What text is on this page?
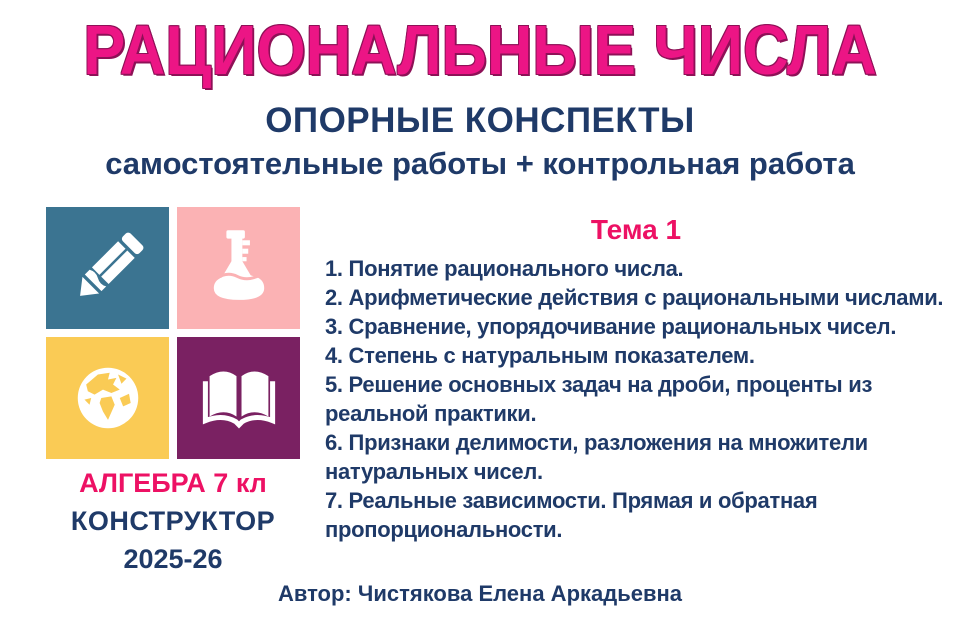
РАЦИОНАЛЬНЫЕ ЧИСЛА
ОПОРНЫЕ КОНСПЕКТЫ
самостоятельные работы + контрольная работа
АЛГЕБРА 7 кл
КОНСТРУКТОР
2025-26
Тема 1
1. Понятие рационального числа.
2. Арифметические действия с рациональными числами.
3. Сравнение, упорядочивание рациональных чисел.
4. Степень с натуральным показателем.
5. Решение основных задач на дроби, проценты из реальной практики.
6. Признаки делимости, разложения на множители натуральных чисел.
7. Реальные зависимости. Прямая и обратная пропорциональности.
Автор: Чистякова Елена Аркадьевна
